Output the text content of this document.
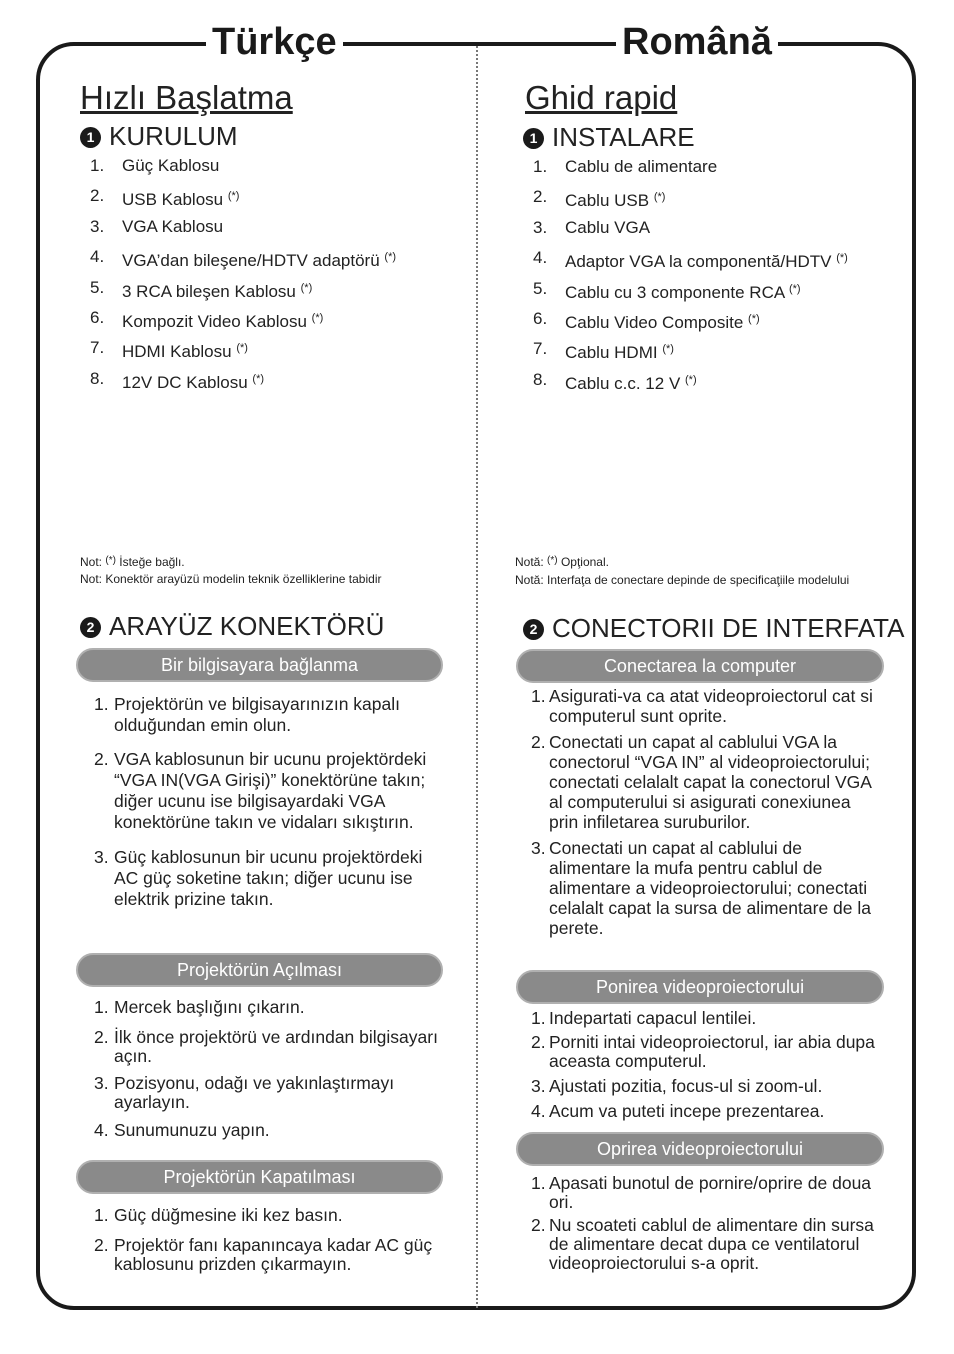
Türkçe	Română
Hızlı Başlatma
1 KURULUM
1. Güç Kablosu
2. USB Kablosu (*)
3. VGA Kablosu
4. VGA’dan bileşene/HDTV adaptörü (*)
5. 3 RCA bileşen Kablosu (*)
6. Kompozit Video Kablosu (*)
7. HDMI Kablosu (*)
8. 12V DC Kablosu (*)
Not: (*) İsteğe bağlı.
Not: Konektör arayüzü modelin teknik özelliklerine tabidir
2 ARAYÜZ KONEKTÖRÜ
Bir bilgisayara bağlanma
1. Projektörün ve bilgisayarınızın kapalı olduğundan emin olun.
2. VGA kablosunun bir ucunu projektördeki “VGA IN(VGA Girişi)” konektörüne takın; diğer ucunu ise bilgisayardaki VGA konektörüne takın ve vidaları sıkıştırın.
3. Güç kablosunun bir ucunu projektördeki AC güç soketine takın; diğer ucunu ise elektrik prizine takın.
Projektörün Açılması
1. Mercek başlığını çıkarın.
2. İlk önce projektörü ve ardından bilgisayarı açın.
3. Pozisyonu, odağı ve yakınlaştırmayı ayarlayın.
4. Sunumunuzu yapın.
Projektörün Kapatılması
1. Güç düğmesine iki kez basın.
2. Projektör fanı kapanıncaya kadar AC güç kablosunu prizden çıkarmayın.
Ghid rapid
1 INSTALARE
1. Cablu de alimentare
2. Cablu USB (*)
3. Cablu VGA
4. Adaptor VGA la componentă/HDTV (*)
5. Cablu cu 3 componente RCA (*)
6. Cablu Video Composite (*)
7. Cablu HDMI (*)
8. Cablu c.c. 12 V (*)
Notă: (*) Opţional.
Notă: Interfaţa de conectare depinde de specificaţiile modelului
2 CONECTORII DE INTERFATA
Conectarea la computer
1. Asigurati-va ca atat videoproiectorul cat si computerul sunt oprite.
2. Conectati un capat al cablului VGA la conectorul “VGA IN” al videoproiectorului; conectati celalalt capat la conectorul VGA al computerului si asigurati conexiunea prin infiletarea suruburilor.
3. Conectati un capat al cablului de alimentare la mufa pentru cablul de alimentare a videoproiectorului; conectati celalalt capat la sursa de alimentare de la perete.
Ponirea videoproiectorului
1. Indepartati capacul lentilei.
2. Porniti intai videoproiectorul, iar abia dupa aceasta computerul.
3. Ajustati pozitia, focus-ul si zoom-ul.
4. Acum va puteti incepe prezentarea.
Oprirea videoproiectorului
1. Apasati bunotul de pornire/oprire de doua ori.
2. Nu scoateti cablul de alimentare din sursa de alimentare decat dupa ce ventilatorul videoproiectorului s-a oprit.
